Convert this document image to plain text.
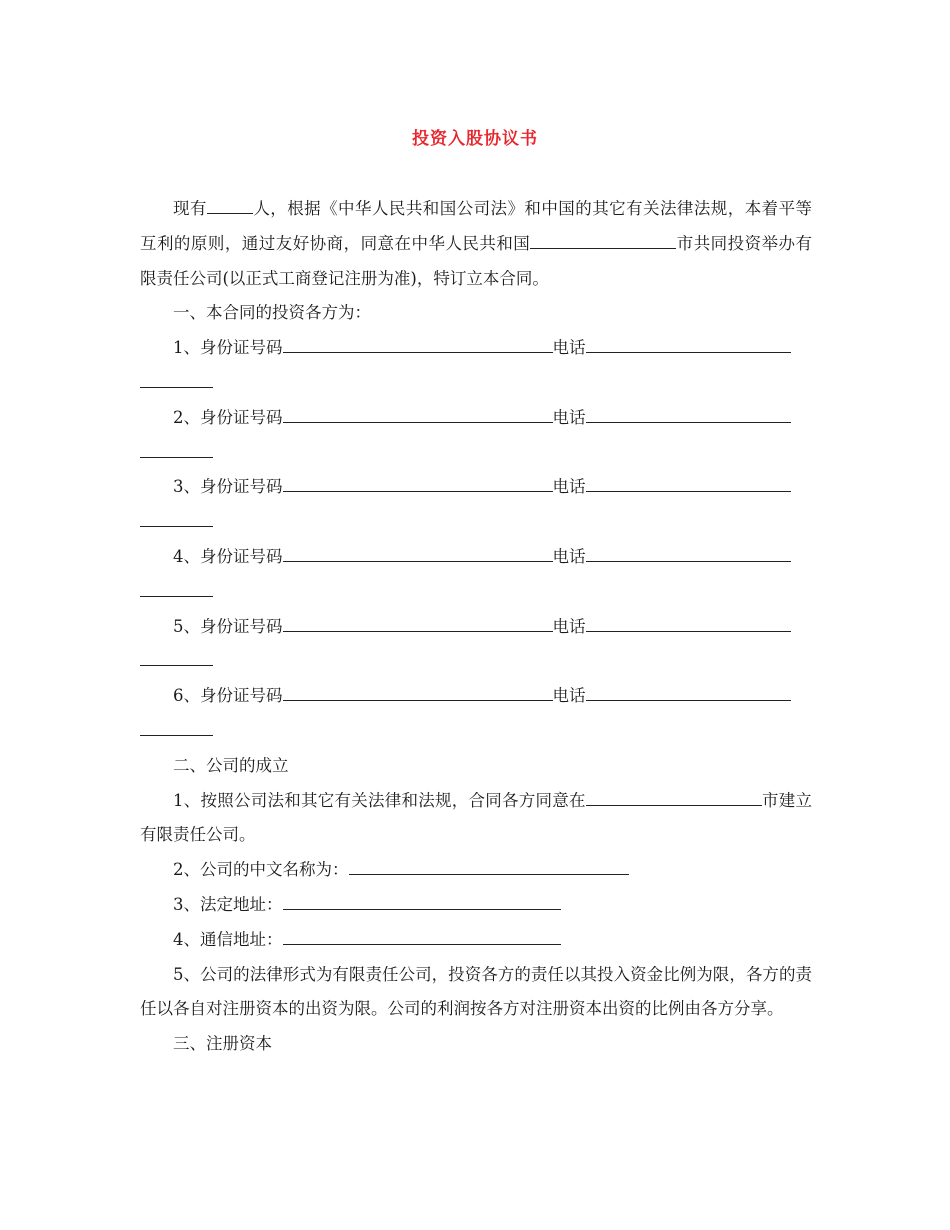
投资入股协议书

现有	人，根据《中华人民共和国公司法》和中国的其它有关法律法规，本着平等互利的原则，通过友好协商，同意在中华人民共和国	市共同投资举办有限责任公司(以正式工商登记注册为准)，特订立本合同。

一、本合同的投资各方为：

1、身份证号码	电话
2、身份证号码	电话
3、身份证号码	电话
4、身份证号码	电话
5、身份证号码	电话
6、身份证号码	电话

二、公司的成立

1、按照公司法和其它有关法律和法规，合同各方同意在	市建立有限责任公司。

2、公司的中文名称为：

3、法定地址：

4、通信地址：

5、公司的法律形式为有限责任公司，投资各方的责任以其投入资金比例为限，各方的责任以各自对注册资本的出资为限。公司的利润按各方对注册资本出资的比例由各方分享。

三、注册资本
